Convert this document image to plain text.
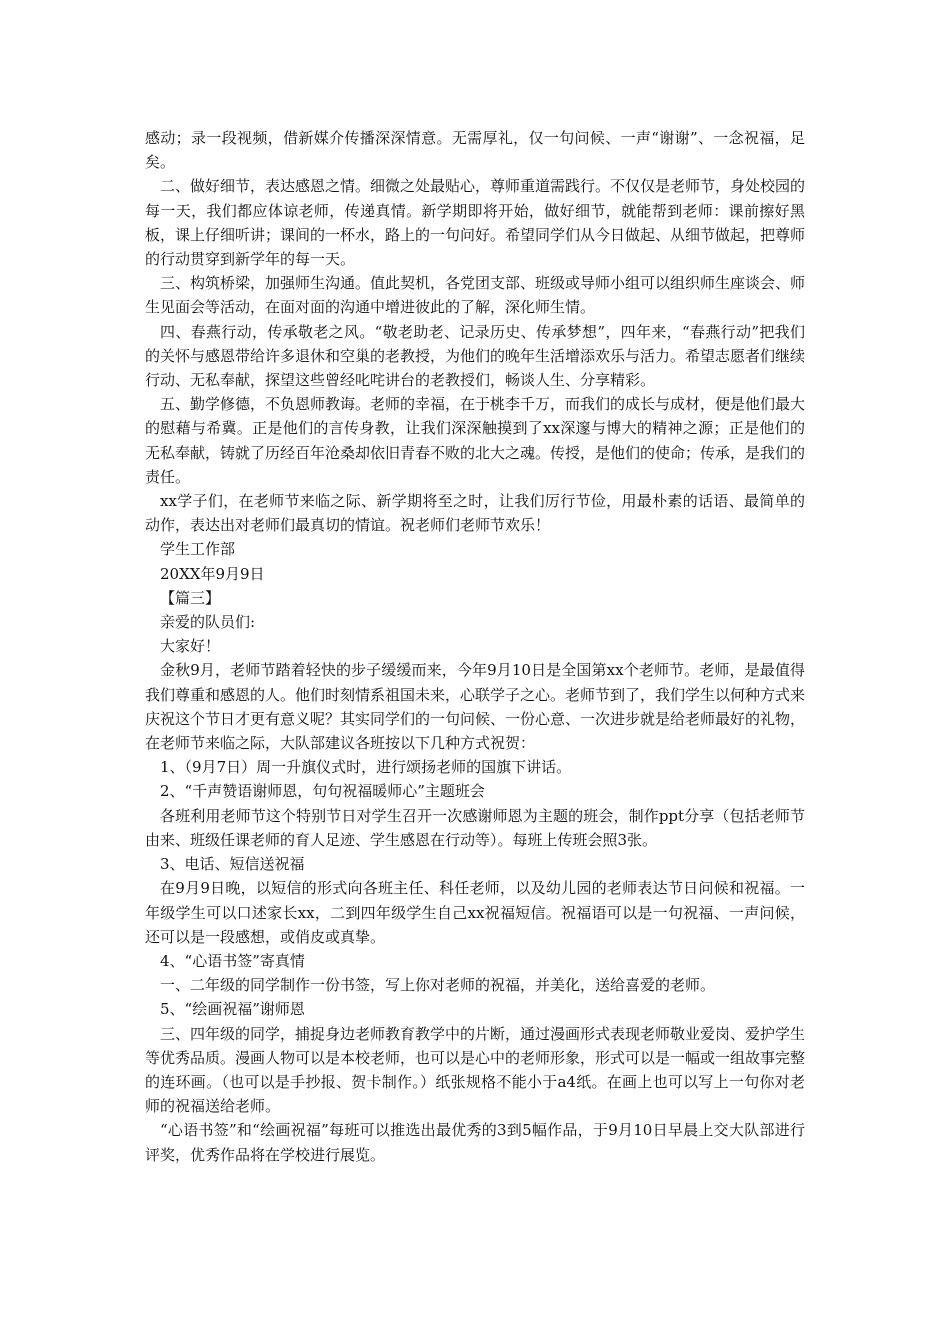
感动；录一段视频，借新媒介传播深深情意。无需厚礼，仅一句问候、一声“谢谢”、一念祝福，足矣。

二、做好细节，表达感恩之情。细微之处最贴心，尊师重道需践行。不仅仅是老师节，身处校园的每一天，我们都应体谅老师，传递真情。新学期即将开始，做好细节，就能帮到老师：课前擦好黑板，课上仔细听讲；课间的一杯水，路上的一句问好。希望同学们从今日做起、从细节做起，把尊师的行动贯穿到新学年的每一天。

三、构筑桥梁，加强师生沟通。值此契机，各党团支部、班级或导师小组可以组织师生座谈会、师生见面会等活动，在面对面的沟通中增进彼此的了解，深化师生情。

四、春燕行动，传承敬老之风。“敬老助老、记录历史、传承梦想”，四年来，“春燕行动”把我们的关怀与感恩带给许多退休和空巢的老教授，为他们的晚年生活增添欢乐与活力。希望志愿者们继续行动、无私奉献，探望这些曾经叱咤讲台的老教授们，畅谈人生、分享精彩。

五、勤学修德，不负恩师教诲。老师的幸福，在于桃李千万，而我们的成长与成材，便是他们最大的慰藉与希冀。正是他们的言传身教，让我们深深触摸到了xx深邃与博大的精神之源；正是他们的无私奉献，铸就了历经百年沧桑却依旧青春不败的北大之魂。传授，是他们的使命；传承，是我们的责任。

xx学子们，在老师节来临之际、新学期将至之时，让我们厉行节俭，用最朴素的话语、最简单的动作，表达出对老师们最真切的情谊。祝老师们老师节欢乐！

学生工作部

20XX年9月9日

【篇三】

亲爱的队员们:

大家好！

金秋9月，老师节踏着轻快的步子缓缓而来，今年9月10日是全国第xx个老师节。老师，是最值得我们尊重和感恩的人。他们时刻情系祖国未来，心联学子之心。老师节到了，我们学生以何种方式来庆祝这个节日才更有意义呢？其实同学们的一句问候、一份心意、一次进步就是给老师最好的礼物，在老师节来临之际，大队部建议各班按以下几种方式祝贺：

1、（9月7日）周一升旗仪式时，进行颂扬老师的国旗下讲话。

2、“千声赞语谢师恩，句句祝福暖师心”主题班会

各班利用老师节这个特别节日对学生召开一次感谢师恩为主题的班会，制作ppt分享（包括老师节由来、班级任课老师的育人足迹、学生感恩在行动等）。每班上传班会照3张。

3、电话、短信送祝福

在9月9日晚，以短信的形式向各班主任、科任老师，以及幼儿园的老师表达节日问候和祝福。一年级学生可以口述家长xx，二到四年级学生自己xx祝福短信。祝福语可以是一句祝福、一声问候，还可以是一段感想，或俏皮或真挚。

4、“心语书签”寄真情

一、二年级的同学制作一份书签，写上你对老师的祝福，并美化，送给喜爱的老师。

5、“绘画祝福”谢师恩

三、四年级的同学，捕捉身边老师教育教学中的片断，通过漫画形式表现老师敬业爱岗、爱护学生等优秀品质。漫画人物可以是本校老师，也可以是心中的老师形象，形式可以是一幅或一组故事完整的连环画。（也可以是手抄报、贺卡制作。）纸张规格不能小于a4纸。在画上也可以写上一句你对老师的祝福送给老师。

“心语书签”和“绘画祝福”每班可以推选出最优秀的3到5幅作品，于9月10日早晨上交大队部进行评奖，优秀作品将在学校进行展览。
